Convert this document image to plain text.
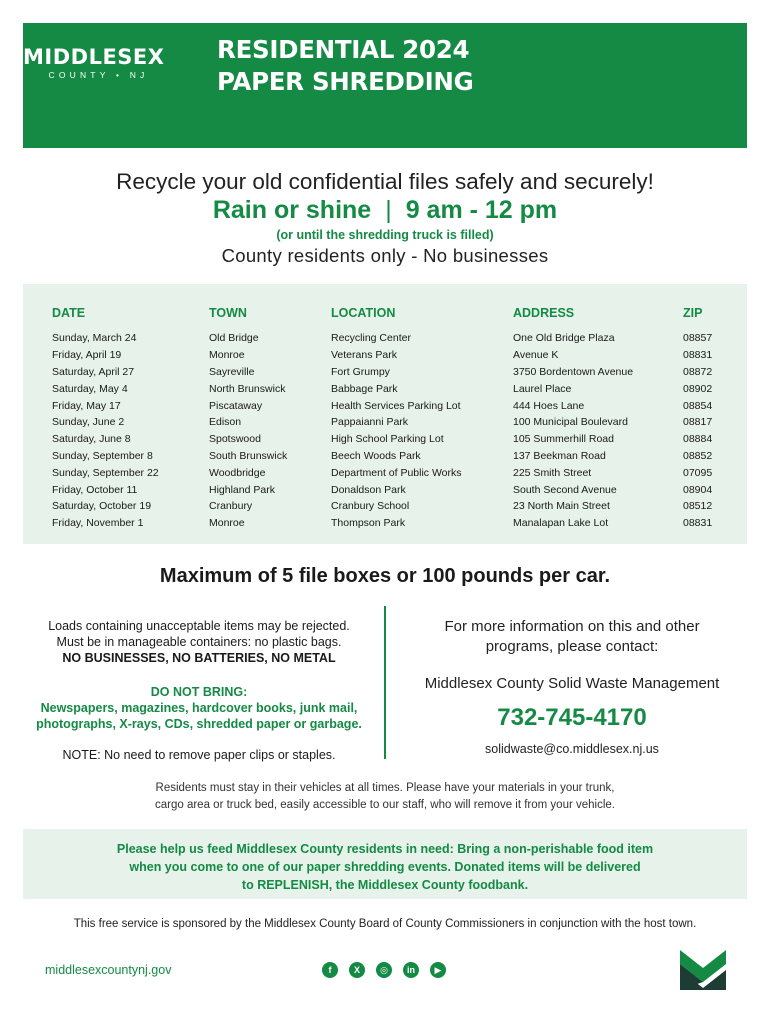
MIDDLESEX
COUNTY • NJ
RESIDENTIAL 2024
PAPER SHREDDING
Recycle your old confidential files safely and securely!
Rain or shine | 9 am - 12 pm
(or until the shredding truck is filled)
County residents only - No businesses
DATE	TOWN	LOCATION	ADDRESS	ZIP
Sunday, March 24	Old Bridge	Recycling Center	One Old Bridge Plaza	08857
Friday, April 19	Monroe	Veterans Park	Avenue K	08831
Saturday, April 27	Sayreville	Fort Grumpy	3750 Bordentown Avenue	08872
Saturday, May 4	North Brunswick	Babbage Park	Laurel Place	08902
Friday, May 17	Piscataway	Health Services Parking Lot	444 Hoes Lane	08854
Sunday, June 2	Edison	Pappaianni Park	100 Municipal Boulevard	08817
Saturday, June 8	Spotswood	High School Parking Lot	105 Summerhill Road	08884
Sunday, September 8	South Brunswick	Beech Woods Park	137 Beekman Road	08852
Sunday, September 22	Woodbridge	Department of Public Works	225 Smith Street	07095
Friday, October 11	Highland Park	Donaldson Park	South Second Avenue	08904
Saturday, October 19	Cranbury	Cranbury School	23 North Main Street	08512
Friday, November 1	Monroe	Thompson Park	Manalapan Lake Lot	08831
Maximum of 5 file boxes or 100 pounds per car.
Loads containing unacceptable items may be rejected.
Must be in manageable containers: no plastic bags.
NO BUSINESSES, NO BATTERIES, NO METAL
DO NOT BRING:
Newspapers, magazines, hardcover books, junk mail,
photographs, X-rays, CDs, shredded paper or garbage.
NOTE: No need to remove paper clips or staples.
For more information on this and other
programs, please contact:
Middlesex County Solid Waste Management
732-745-4170
solidwaste@co.middlesex.nj.us
Residents must stay in their vehicles at all times. Please have your materials in your trunk,
cargo area or truck bed, easily accessible to our staff, who will remove it from your vehicle.

Please help us feed Middlesex County residents in need: Bring a non-perishable food item

when you come to one of our paper shredding events. Donated items will be delivered

to REPLENISH, the Middlesex County foodbank.

This free service is sponsored by the Middlesex County Board of County Commissioners in conjunction with the host town.
middlesexcountynj.gov	f	X	◎	in	▶
